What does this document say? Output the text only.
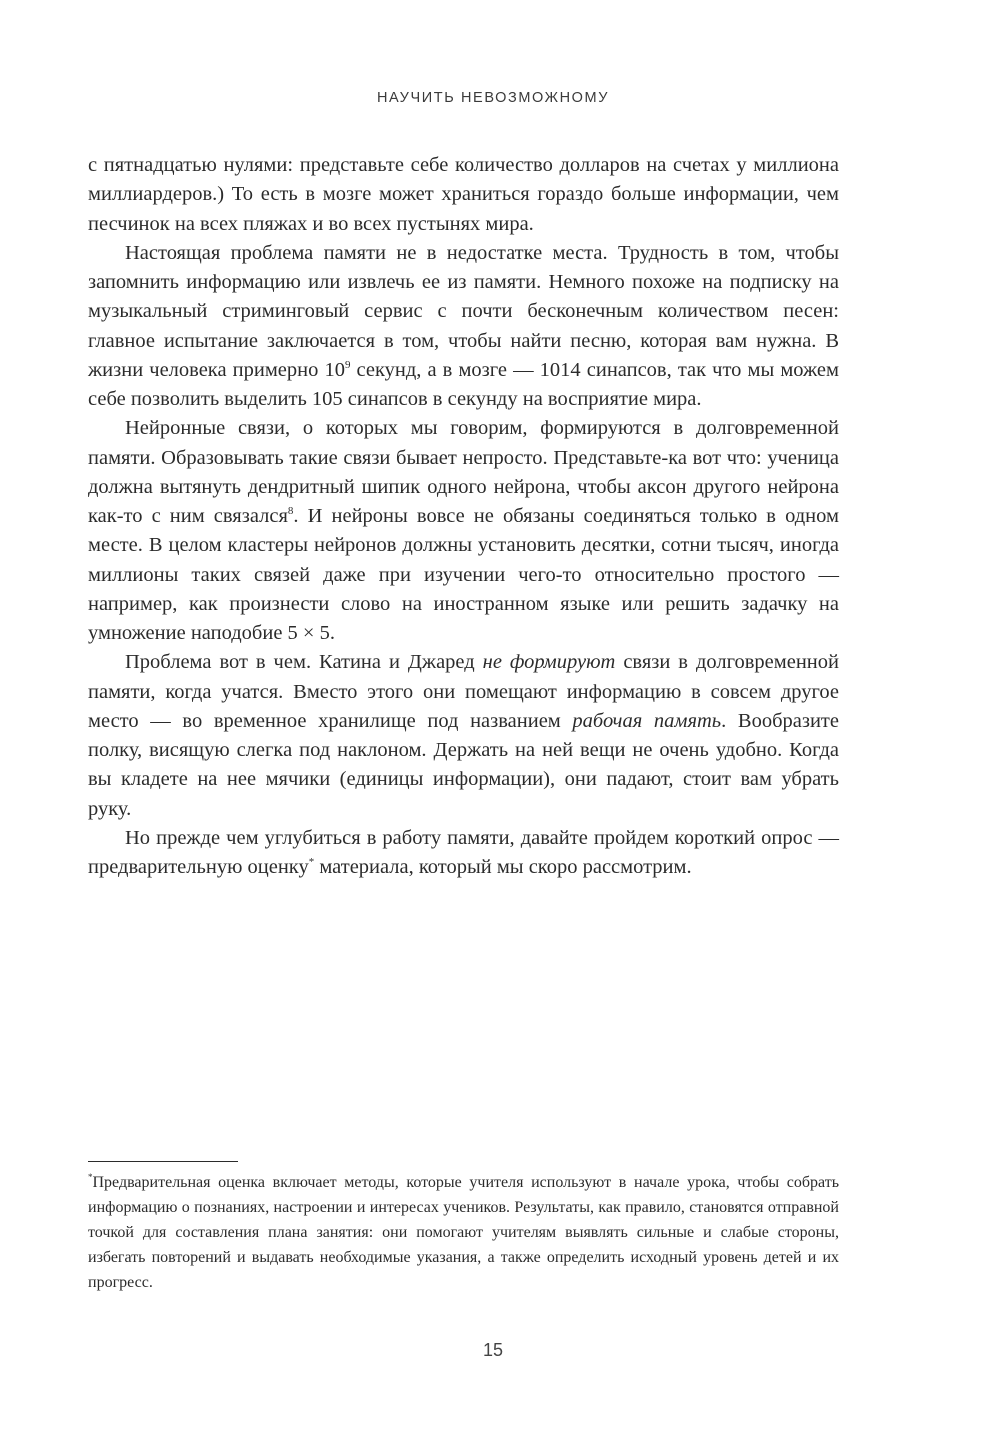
НАУЧИТЬ НЕВОЗМОЖНОМУ

с пятнадцатью нулями: представьте себе количество долларов на счетах у миллиона миллиардеров.) То есть в мозге может храниться гораздо больше информации, чем песчинок на всех пляжах и во всех пустынях мира.

Настоящая проблема памяти не в недостатке места. Трудность в том, чтобы запомнить информацию или извлечь ее из памяти. Немного похоже на подписку на музыкальный стриминговый сервис с почти бесконечным количеством песен: главное испытание заключается в том, чтобы найти песню, которая вам нужна. В жизни человека примерно $10^9$ секунд, а в мозге — 1014 синапсов, так что мы можем себе позволить выделить 105 синапсов в секунду на восприятие мира.

Нейронные связи, о которых мы говорим, формируются в долговременной памяти. Образовывать такие связи бывает непросто. Представьте-ка вот что: ученица должна вытянуть дендритный шипик одного нейрона, чтобы аксон другого нейрона как-то с ним связался$^8$. И нейроны вовсе не обязаны соединяться только в одном месте. В целом кластеры нейронов должны установить десятки, сотни тысяч, иногда миллионы таких связей даже при изучении чего-то относительно простого — например, как произнести слово на иностранном языке или решить задачку на умножение наподобие 5 × 5.

Проблема вот в чем. Катина и Джаред не формируют связи в долговременной памяти, когда учатся. Вместо этого они помещают информацию в совсем другое место — во временное хранилище под названием рабочая память. Вообразите полку, висящую слегка под наклоном. Держать на ней вещи не очень удобно. Когда вы кладете на нее мячики (единицы информации), они падают, стоит вам убрать руку.

Но прежде чем углубиться в работу памяти, давайте пройдем короткий опрос — предварительную оценку* материала, который мы скоро рассмотрим.

*Предварительная оценка включает методы, которые учителя используют в начале урока, чтобы собрать информацию о познаниях, настроении и интересах учеников. Результаты, как правило, становятся отправной точкой для составления плана занятия: они помогают учителям выявлять сильные и слабые стороны, избегать повторений и выдавать необходимые указания, а также определить исходный уровень детей и их прогресс.

15
